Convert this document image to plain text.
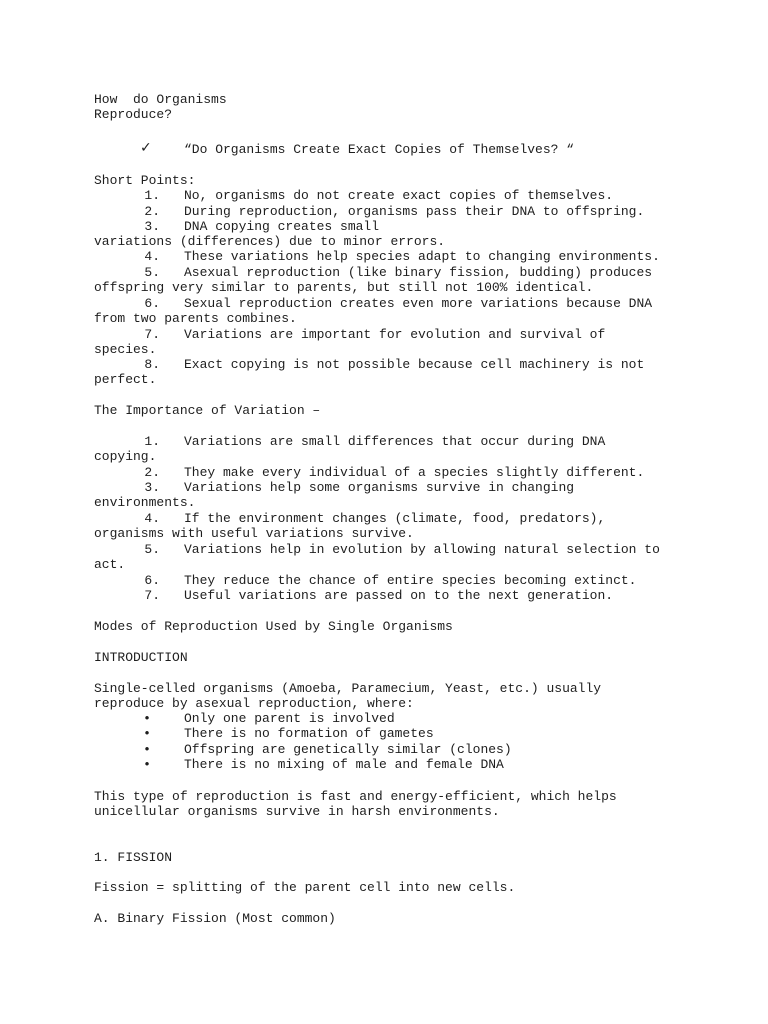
How  do Organisms

Reproduce?

✓ “Do Organisms Create Exact Copies of Themselves? “

Short Points:

1. No, organisms do not create exact copies of themselves.

2. During reproduction, organisms pass their DNA to offspring.

3. DNA copying creates small

variations (differences) due to minor errors.

4. These variations help species adapt to changing environments.

5. Asexual reproduction (like binary fission, budding) produces

offspring very similar to parents, but still not 100% identical.

6. Sexual reproduction creates even more variations because DNA

from two parents combines.

7. Variations are important for evolution and survival of

species.

8. Exact copying is not possible because cell machinery is not

perfect.

The Importance of Variation –

1. Variations are small differences that occur during DNA

copying.

2. They make every individual of a species slightly different.

3. Variations help some organisms survive in changing

environments.

4. If the environment changes (climate, food, predators),

organisms with useful variations survive.

5. Variations help in evolution by allowing natural selection to

act.

6. They reduce the chance of entire species becoming extinct.

7. Useful variations are passed on to the next generation.

Modes of Reproduction Used by Single Organisms

INTRODUCTION

Single-celled organisms (Amoeba, Paramecium, Yeast, etc.) usually

reproduce by asexual reproduction, where:

•	Only one parent is involved

•	There is no formation of gametes

•	Offspring are genetically similar (clones)

•	There is no mixing of male and female DNA

This type of reproduction is fast and energy-efficient, which helps

unicellular organisms survive in harsh environments.

1. FISSION

Fission = splitting of the parent cell into new cells.

A. Binary Fission (Most common)
